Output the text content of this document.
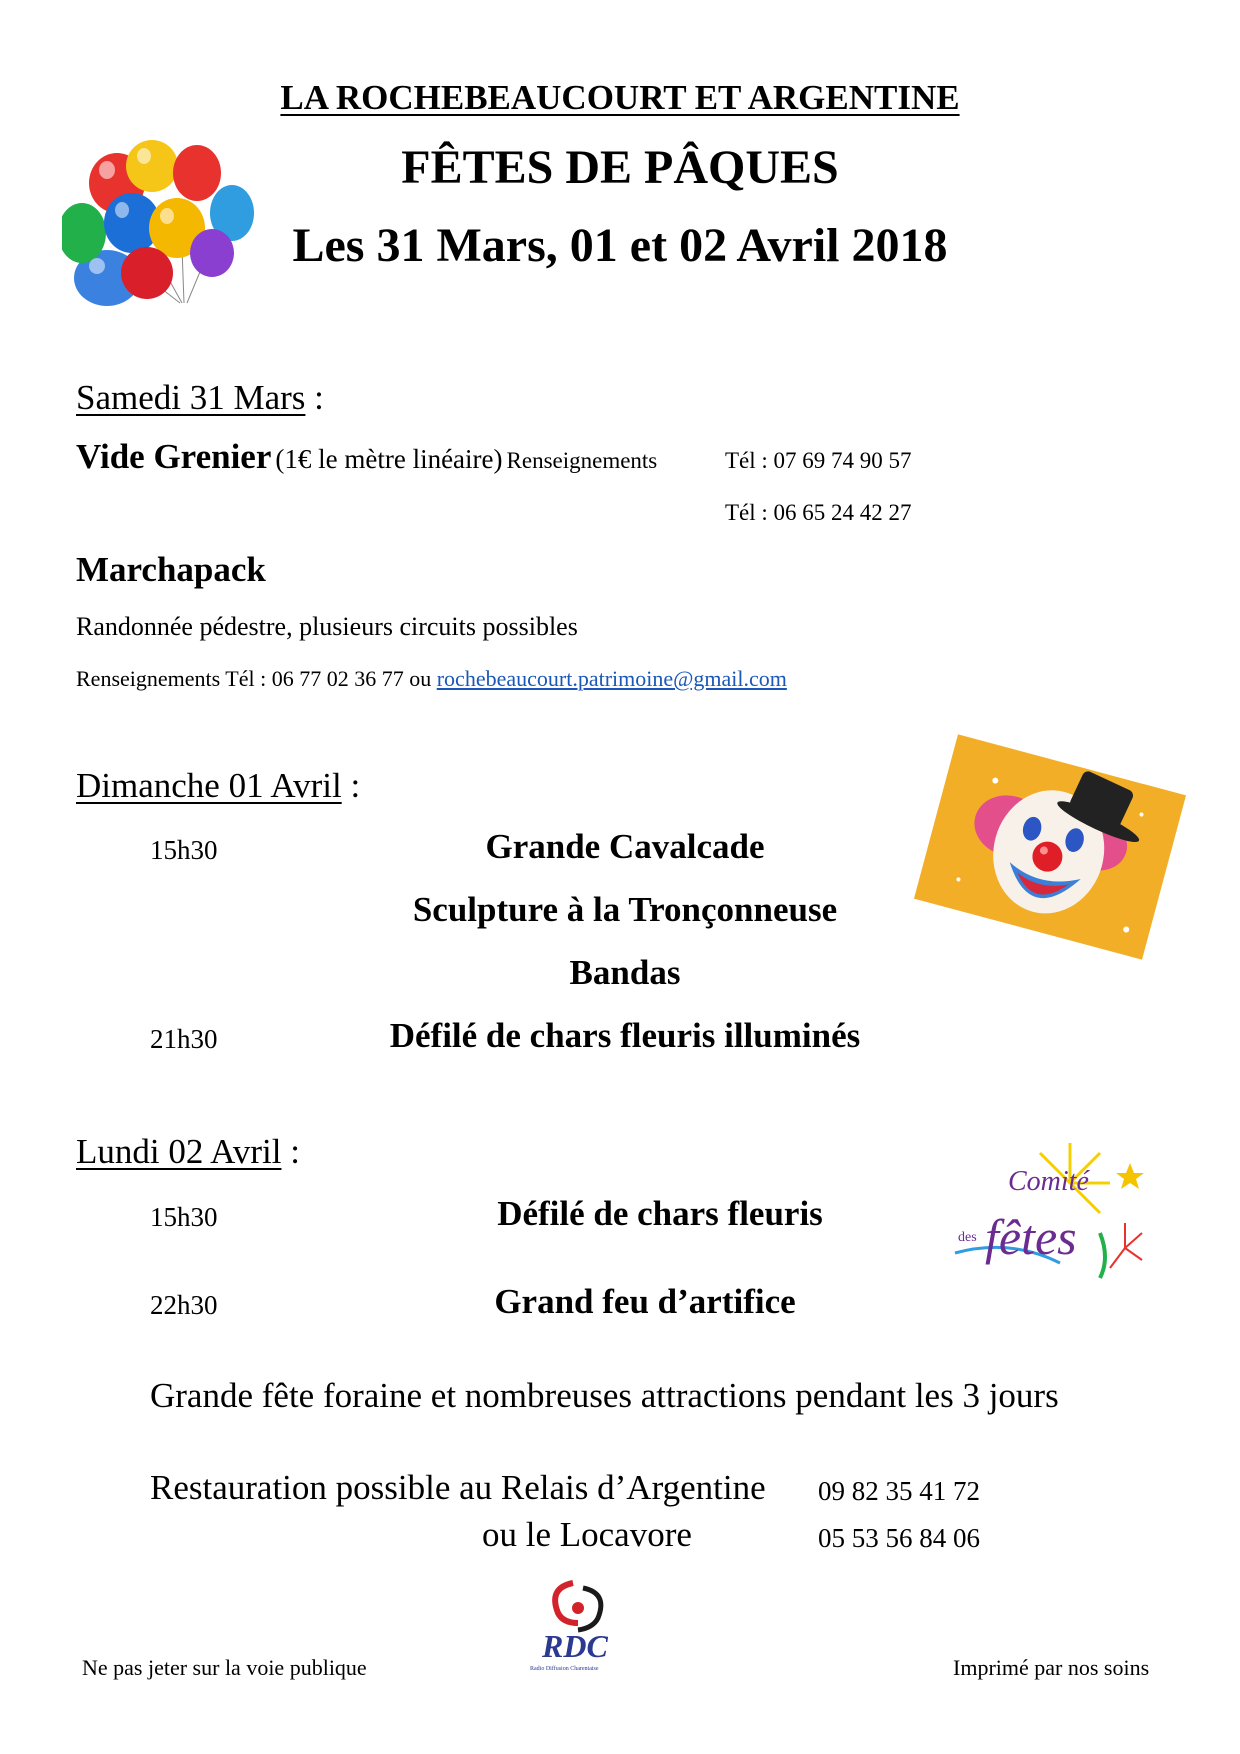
LA ROCHEBEAUCOURT ET ARGENTINE
FÊTES DE PÂQUES
Les 31 Mars, 01 et 02 Avril 2018
Samedi 31 Mars :
Vide Grenier (1€ le mètre linéaire) Renseignements	Tél : 07 69 74 90 57
Tél : 06 65 24 42 27
Marchapack
Randonnée pédestre, plusieurs circuits possibles
Renseignements Tél : 06 77 02 36 77 ou rochebeaucourt.patrimoine@gmail.com
Dimanche 01 Avril :
15h30	Grande Cavalcade
Sculpture à la Tronçonneuse
Bandas
21h30	Défilé de chars fleuris illuminés
Lundi 02 Avril :
15h30	Défilé de chars fleuris
22h30	Grand feu d’artifice
Comité
des fêtes
Grande fête foraine et nombreuses attractions pendant les 3 jours
Restauration possible au Relais d’Argentine 09 82 35 41 72
ou le Locavore	05 53 56 84 06
RDC
Radio Diffusion Charentaise
Ne pas jeter sur la voie publique	Imprimé par nos soins
